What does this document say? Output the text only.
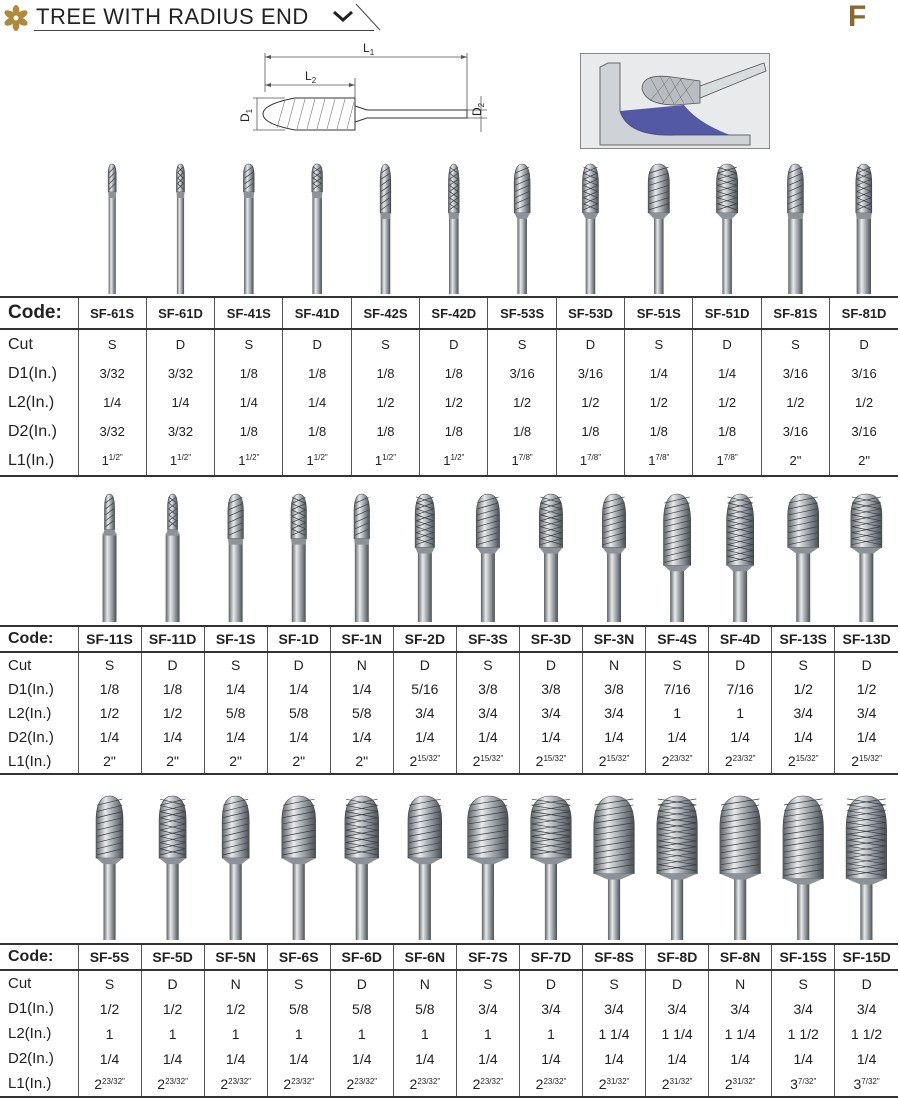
TREE WITH RADIUS END	F
$L_1$
$L_2$
$D_1$	$D_2$
Code:	SF-61S	SF-61D	SF-41S	SF-41D	SF-42S	SF-42D	SF-53S	SF-53D	SF-51S	SF-51D	SF-81S	SF-81D
Cut	S	D	S	D	S	D	S	D	S	D	S	D
D1(In.)	3/32	3/32	1/8	1/8	1/8	1/8	3/16	3/16	1/4	1/4	3/16	3/16
L2(In.)	1/4	1/4	1/4	1/4	1/2	1/2	1/2	1/2	1/2	1/2	1/2	1/2
D2(In.)	3/32	3/32	1/8	1/8	1/8	1/8	1/8	1/8	1/8	1/8	3/16	3/16
L1(In.)	$1^{1/2"}$	$1^{1/2"}$	$1^{1/2"}$	$1^{1/2"}$	$1^{1/2"}$	$1^{1/2"}$	$1^{7/8"}$	$1^{7/8"}$	$1^{7/8"}$	$1^{7/8"}$	2"	2"
Code:	SF-11S	SF-11D	SF-1S	SF-1D	SF-1N	SF-2D	SF-3S	SF-3D	SF-3N	SF-4S	SF-4D	SF-13S	SF-13D
Cut	S	D	S	D	N	D	S	D	N	S	D	S	D
D1(In.)	1/8	1/8	1/4	1/4	1/4	5/16	3/8	3/8	3/8	7/16	7/16	1/2	1/2
L2(In.)	1/2	1/2	5/8	5/8	5/8	3/4	3/4	3/4	3/4	1	1	3/4	3/4
D2(In.)	1/4	1/4	1/4	1/4	1/4	1/4	1/4	1/4	1/4	1/4	1/4	1/4	1/4
L1(In.)	2"	2"	2"	2"	2"	$2^{15/32"}$	$2^{15/32"}$	$2^{15/32"}$	$2^{15/32"}$	$2^{23/32"}$	$2^{23/32"}$	$2^{15/32"}$	$2^{15/32"}$
Code:	SF-5S	SF-5D	SF-5N	SF-6S	SF-6D	SF-6N	SF-7S	SF-7D	SF-8S	SF-8D	SF-8N	SF-15S	SF-15D
Cut	S	D	N	S	D	N	S	D	S	D	N	S	D
D1(In.)	1/2	1/2	1/2	5/8	5/8	5/8	3/4	3/4	3/4	3/4	3/4	3/4	3/4
L2(In.)	1	1	1	1	1	1	1	1	1 1/4	1 1/4	1 1/4	1 1/2	1 1/2
D2(In.)	1/4	1/4	1/4	1/4	1/4	1/4	1/4	1/4	1/4	1/4	1/4	1/4	1/4
L1(In.)	$2^{23/32"}$	$2^{23/32"}$	$2^{23/32"}$	$2^{23/32"}$	$2^{23/32"}$	$2^{23/32"}$	$2^{23/32"}$	$2^{23/32"}$	$2^{31/32"}$	$2^{31/32"}$	$2^{31/32"}$	$3^{7/32"}$	$3^{7/32"}$
